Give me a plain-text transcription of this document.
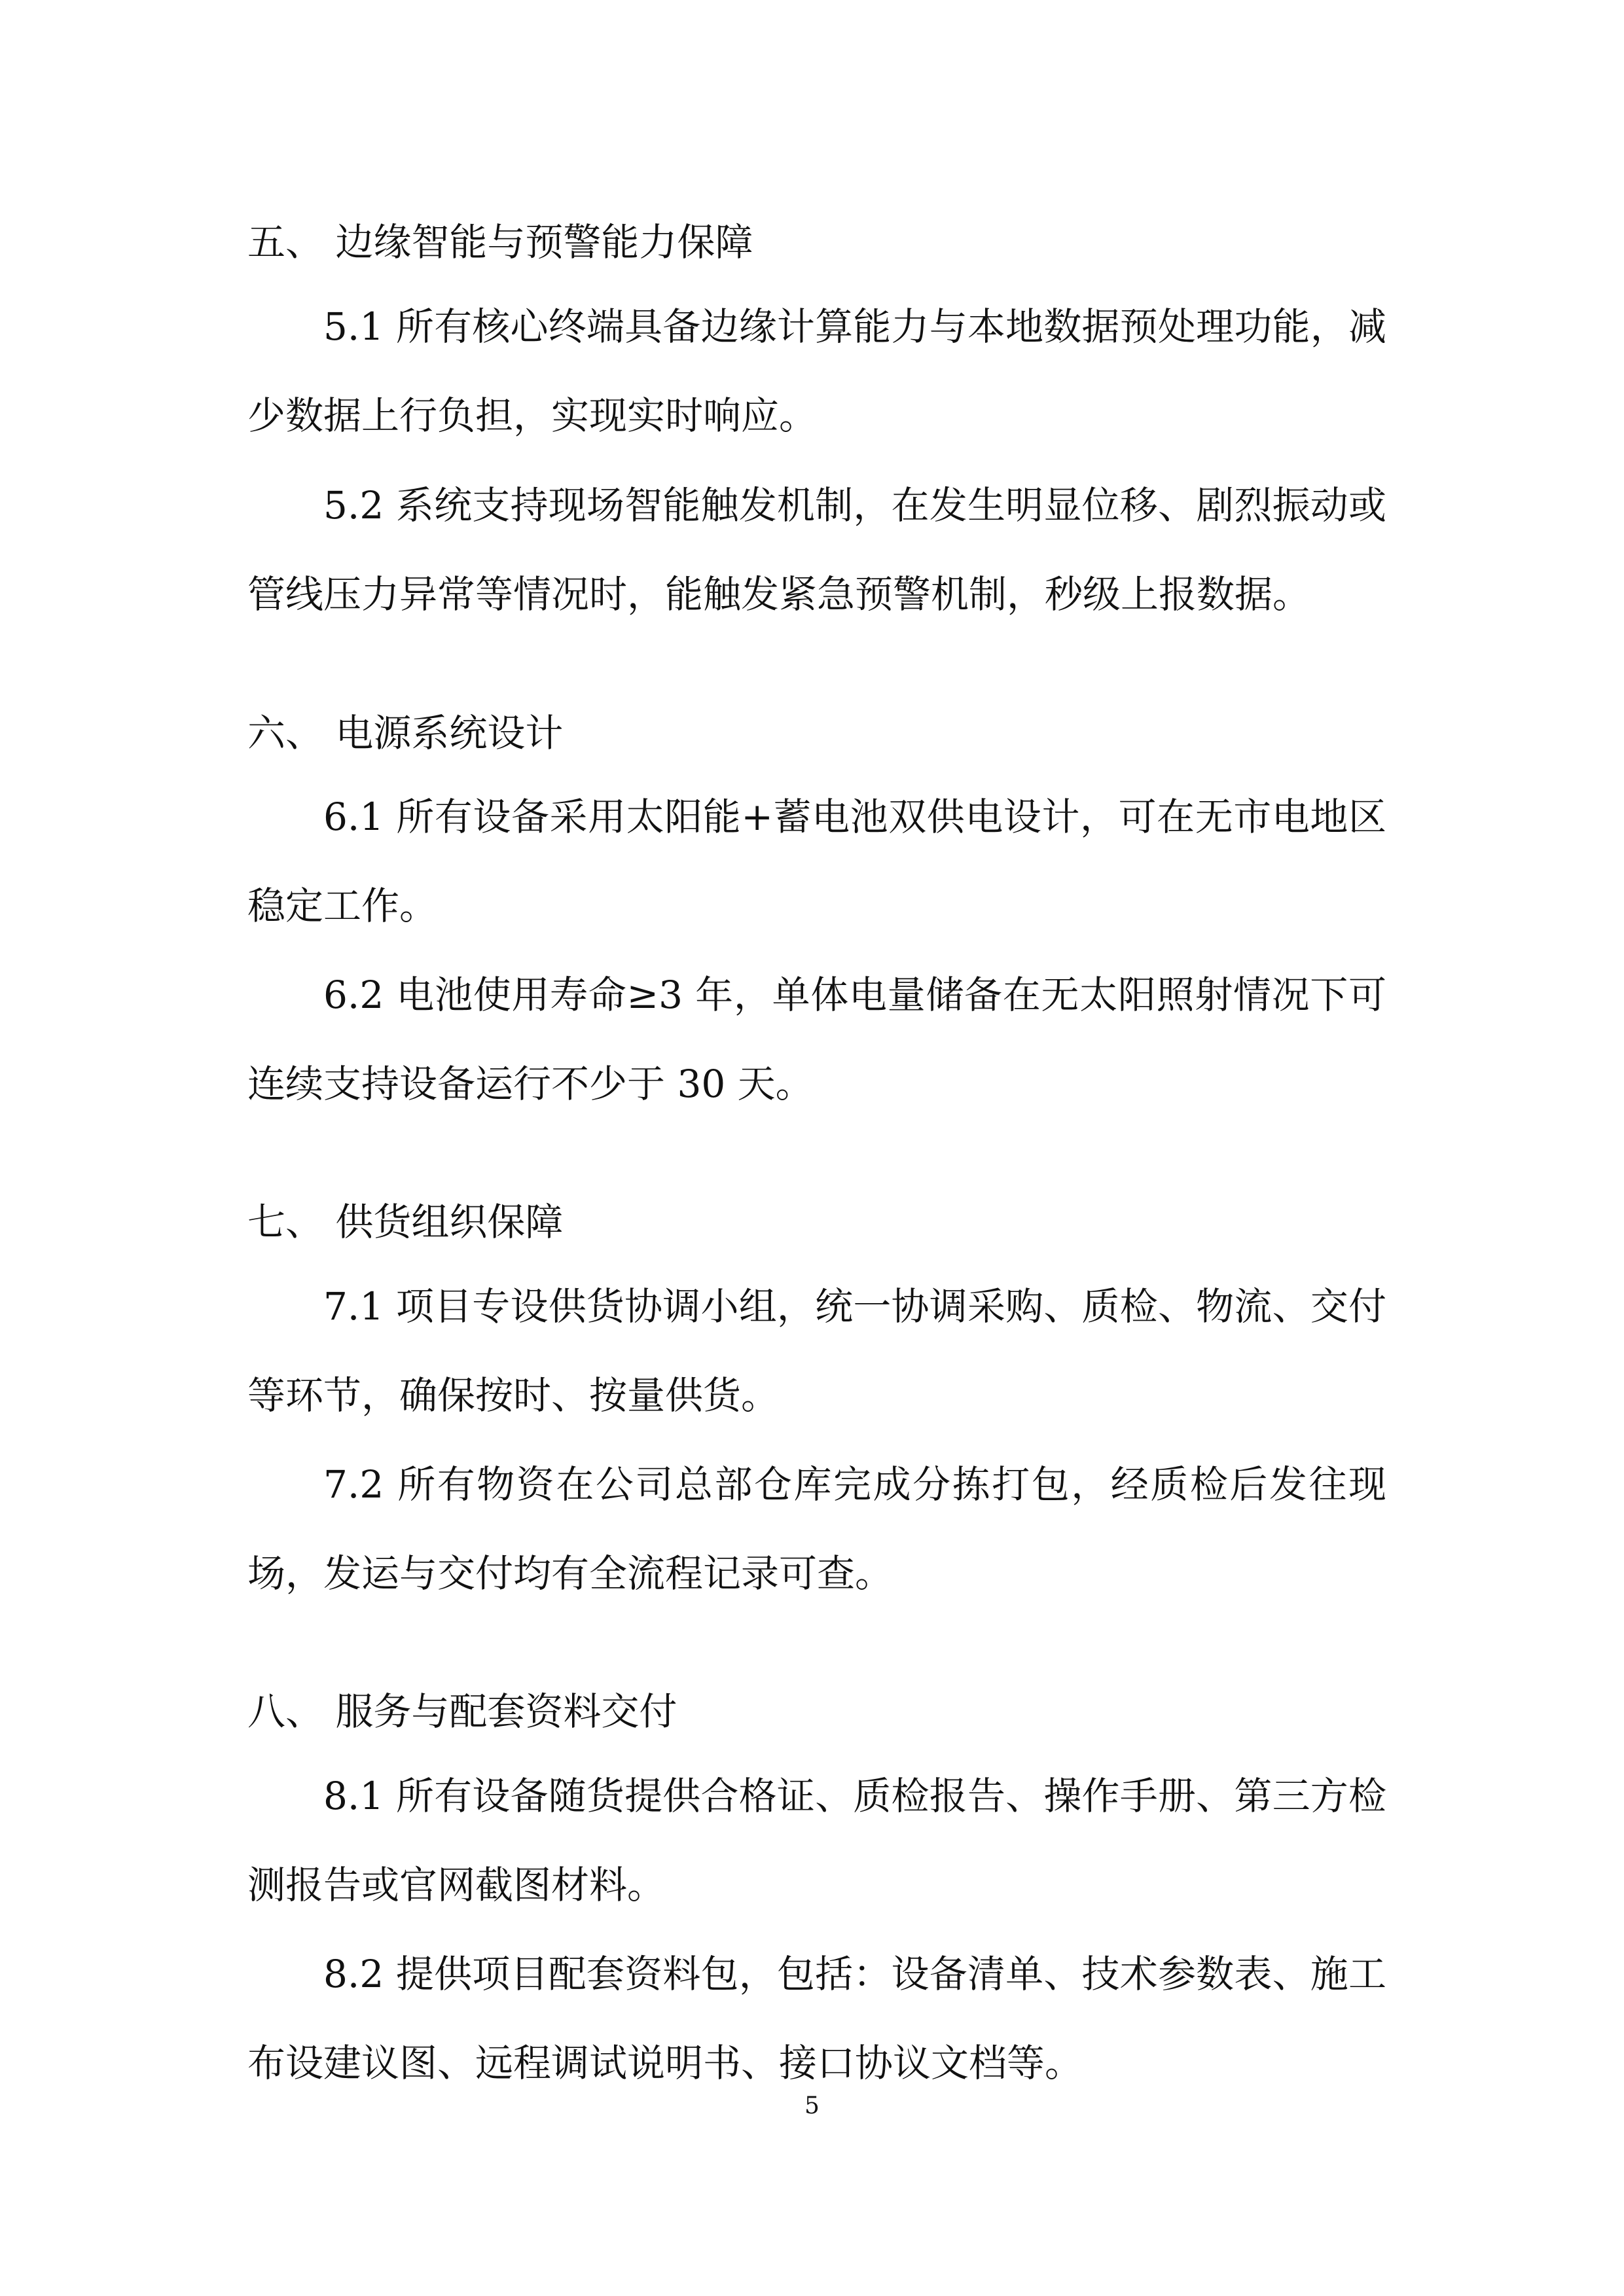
五、 边缘智能与预警能力保障

5.1 所有核心终端具备边缘计算能力与本地数据预处理功能，减少数据上行负担，实现实时响应。

5.2 系统支持现场智能触发机制，在发生明显位移、剧烈振动或管线压力异常等情况时，能触发紧急预警机制，秒级上报数据。

六、 电源系统设计

6.1 所有设备采用太阳能+蓄电池双供电设计，可在无市电地区稳定工作。

6.2 电池使用寿命≥3 年，单体电量储备在无太阳照射情况下可连续支持设备运行不少于 30 天。

七、 供货组织保障

7.1 项目专设供货协调小组，统一协调采购、质检、物流、交付等环节，确保按时、按量供货。

7.2 所有物资在公司总部仓库完成分拣打包，经质检后发往现场，发运与交付均有全流程记录可查。

八、 服务与配套资料交付

8.1 所有设备随货提供合格证、质检报告、操作手册、第三方检测报告或官网截图材料。

8.2 提供项目配套资料包，包括：设备清单、技术参数表、施工布设建议图、远程调试说明书、接口协议文档等。

5
